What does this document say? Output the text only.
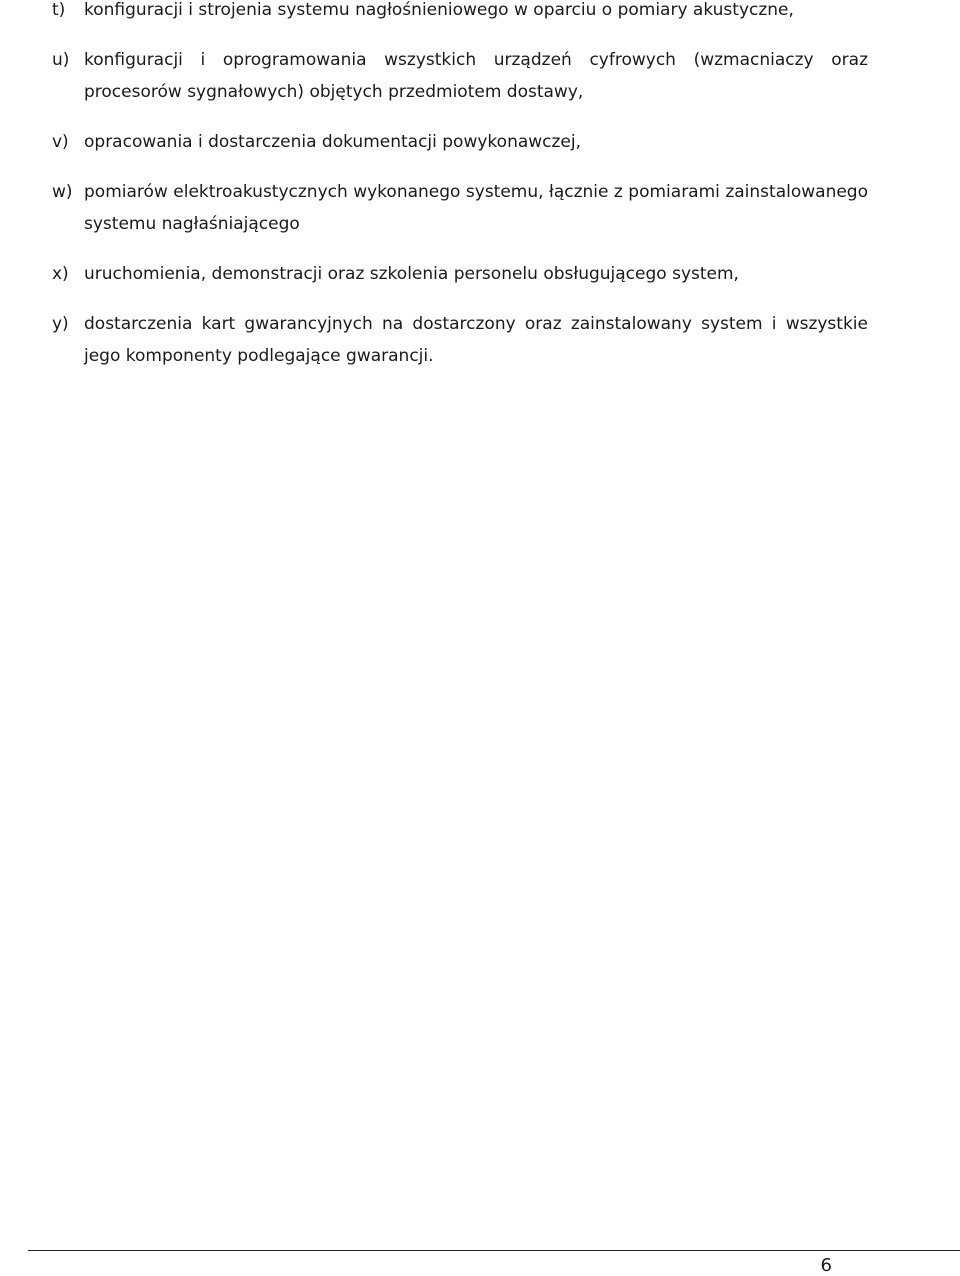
t) konfiguracji i strojenia systemu nagłośnieniowego w oparciu o pomiary akustyczne,
u) konfiguracji i oprogramowania wszystkich urządzeń cyfrowych (wzmacniaczy oraz procesorów sygnałowych) objętych przedmiotem dostawy,
v) opracowania i dostarczenia dokumentacji powykonawczej,
w) pomiarów elektroakustycznych wykonanego systemu, łącznie z pomiarami zainstalowanego systemu nagłaśniającego
x) uruchomienia, demonstracji oraz szkolenia personelu obsługującego system,
y) dostarczenia kart gwarancyjnych na dostarczony oraz zainstalowany system i wszystkie jego komponenty podlegające gwarancji.
6
